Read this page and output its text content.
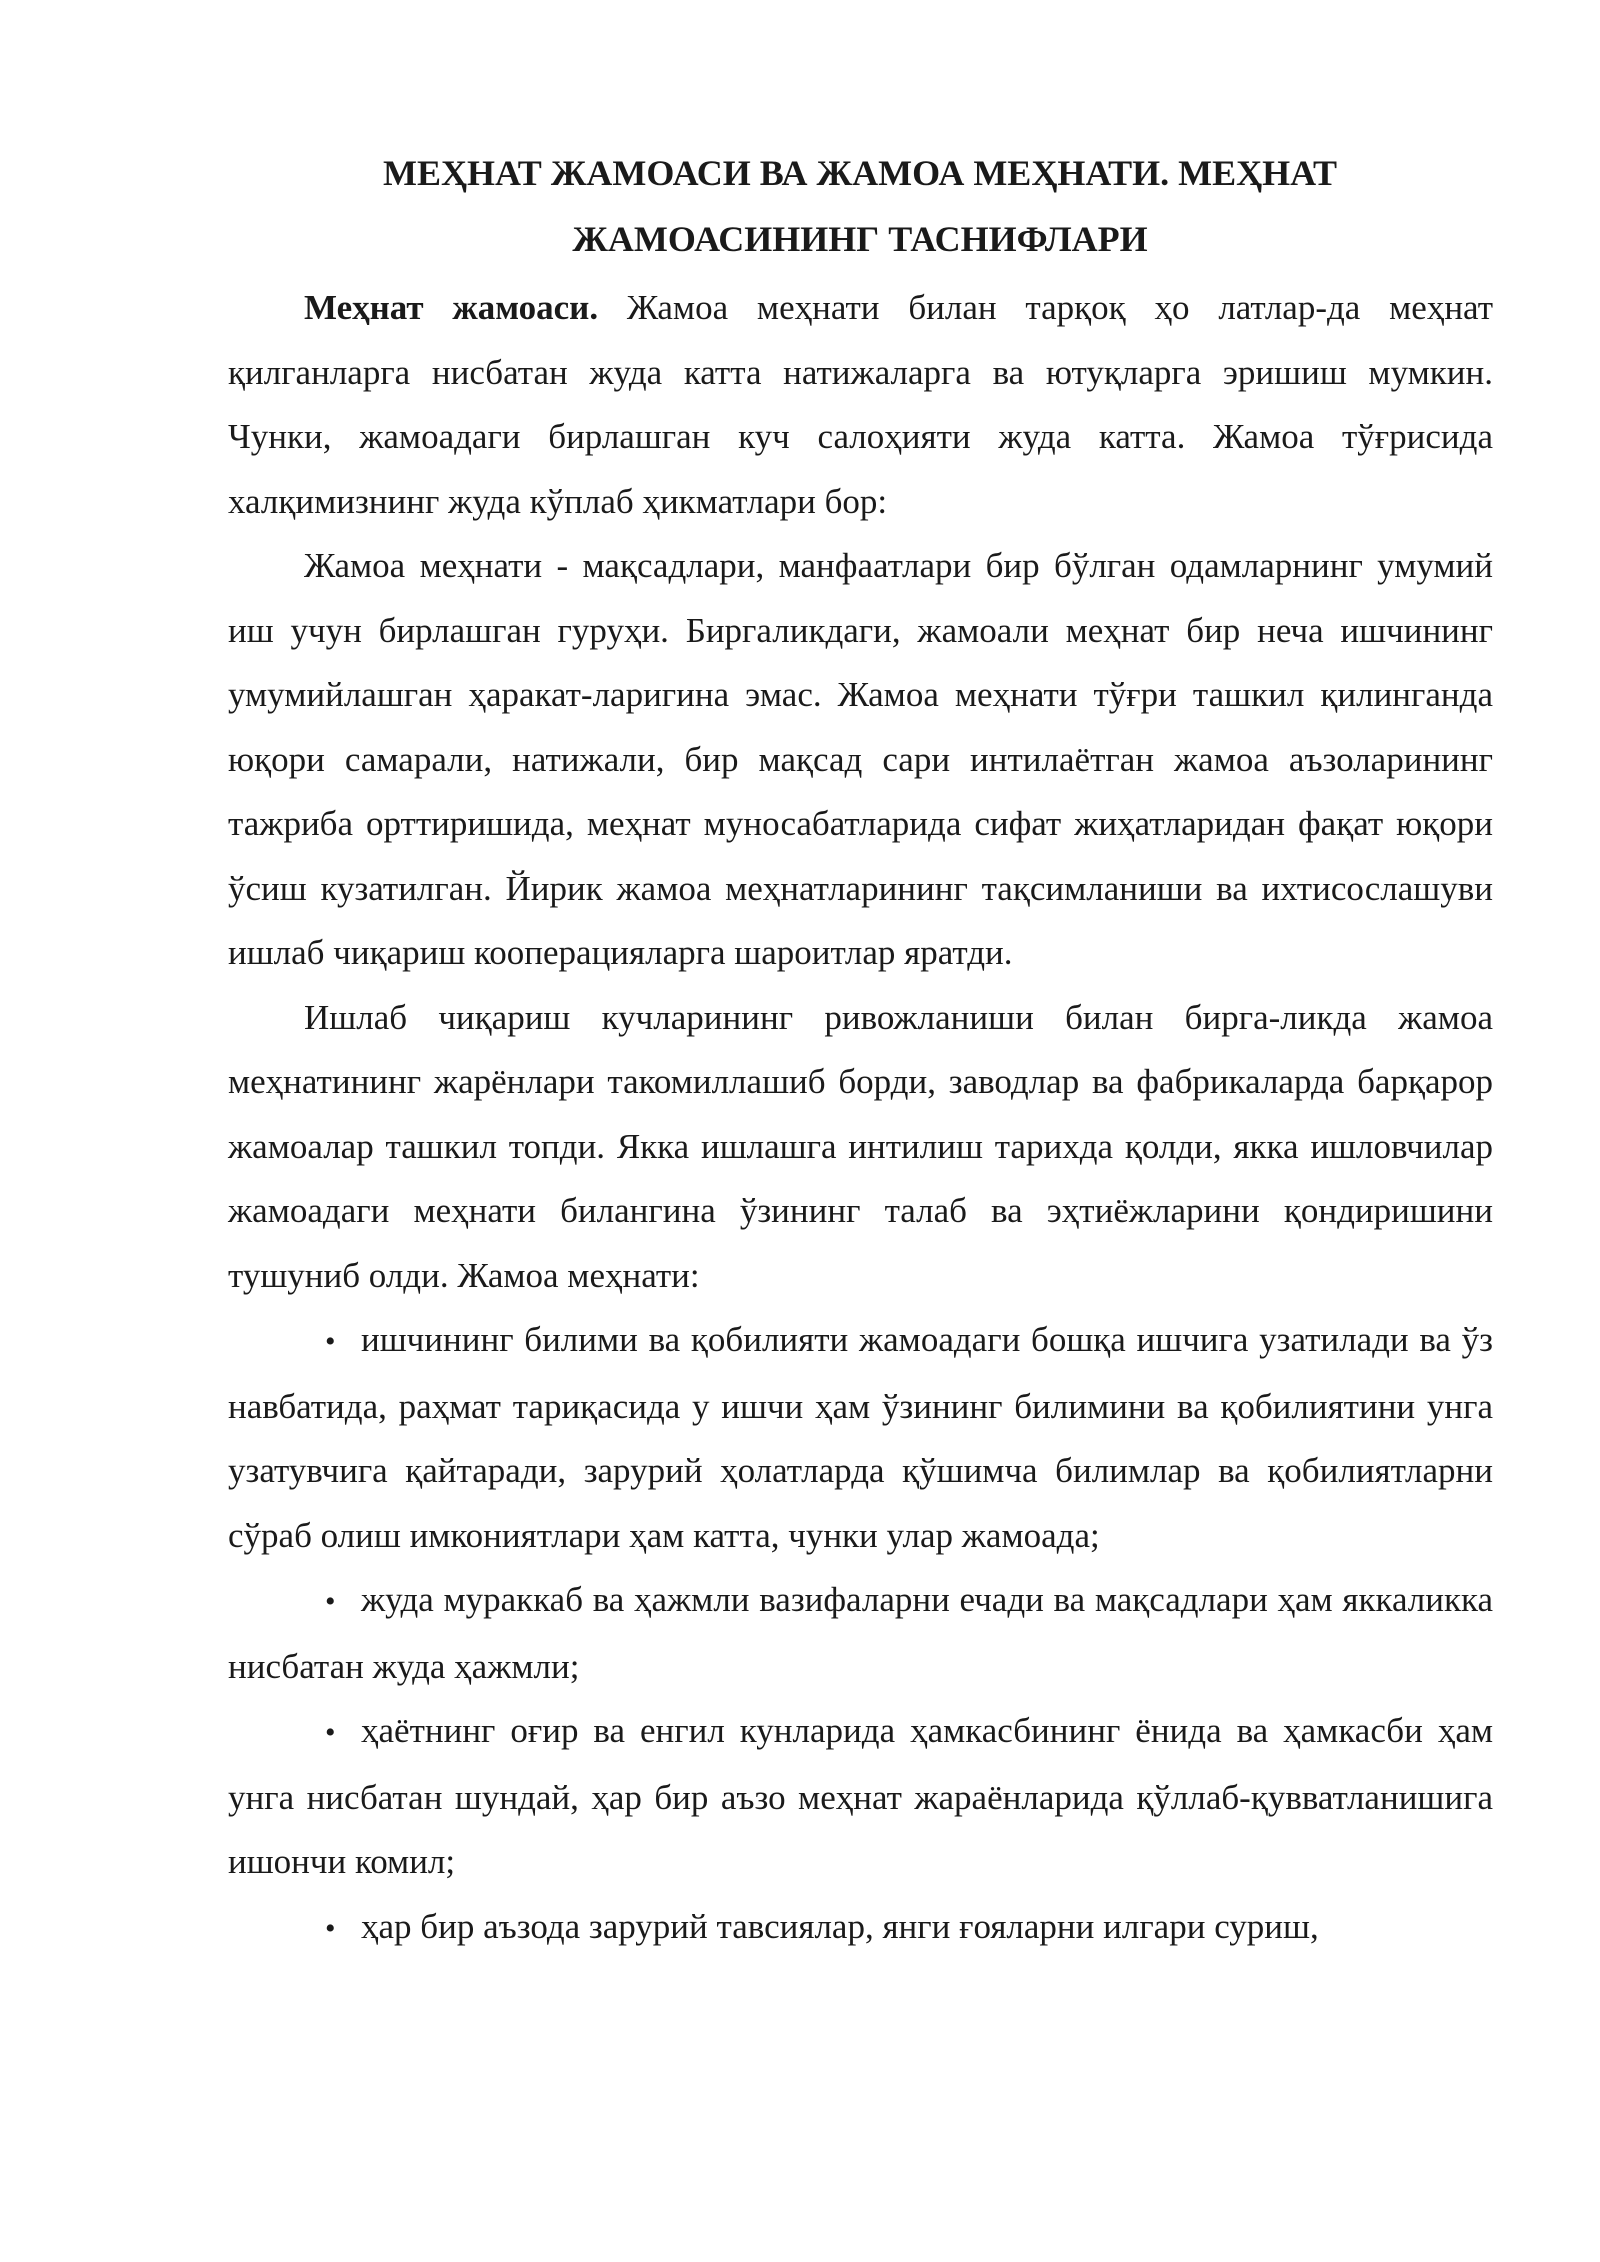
МЕҲНАТ ЖАМОАСИ ВА ЖАМОА МЕҲНАТИ. МЕҲНАТ
ЖАМОАСИНИНГ ТАСНИФЛАРИ

Меҳнат жамоаси. Жамоа меҳнати билан тарқоқ ҳо латлар-да меҳнат қилганларга нисбатан жуда катта натижаларга ва ютуқларга эришиш мумкин. Чунки, жамоадаги бирлашган куч салоҳияти жуда катта. Жамоа тўғрисида халқимизнинг жуда кўплаб ҳикматлари бор:

Жамоа меҳнати - мақсадлари, манфаатлари бир бўлган одамларнинг умумий иш учун бирлашган гуруҳи. Биргаликдаги, жамоали меҳнат бир неча ишчининг умумийлашган ҳаракат-ларигина эмас. Жамоа меҳнати тўғри ташкил қилинганда юқори самарали, натижали, бир мақсад сари интилаётган жамоа аъзоларининг тажриба орттиришида, меҳнат муносабатларида сифат жиҳатларидан фақат юқори ўсиш кузатилган. Йирик жамоа меҳнатларининг тақсимланиши ва ихтисослашуви ишлаб чиқариш кооперацияларга шароитлар яратди.

Ишлаб чиқариш кучларининг ривожланиши билан бирга-ликда жамоа меҳнатининг жарёнлари такомиллашиб борди, заводлар ва фабрикаларда барқарор жамоалар ташкил топди. Якка ишлашга интилиш тарихда қолди, якка ишловчилар жамоадаги меҳнати билангина ўзининг талаб ва эҳтиёжларини қондиришини тушуниб олди. Жамоа меҳнати:

• ишчининг билими ва қобилияти жамоадаги бошқа ишчига узатилади ва ўз навбатида, раҳмат тариқасида у ишчи ҳам ўзининг билимини ва қобилиятини унга узатувчига қайтаради, зарурий ҳолатларда қўшимча билимлар ва қобилиятларни сўраб олиш имкониятлари ҳам катта, чунки улар жамоада;

• жуда мураккаб ва ҳажмли вазифаларни ечади ва мақсадлари ҳам яккаликка нисбатан жуда ҳажмли;

• ҳаётнинг оғир ва енгил кунларида ҳамкасбининг ёнида ва ҳамкасби ҳам унга нисбатан шундай, ҳар бир аъзо меҳнат жараёнларида қўллаб-қувватланишига ишончи комил;

• ҳар бир аъзода зарурий тавсиялар, янги ғояларни илгари суриш,
